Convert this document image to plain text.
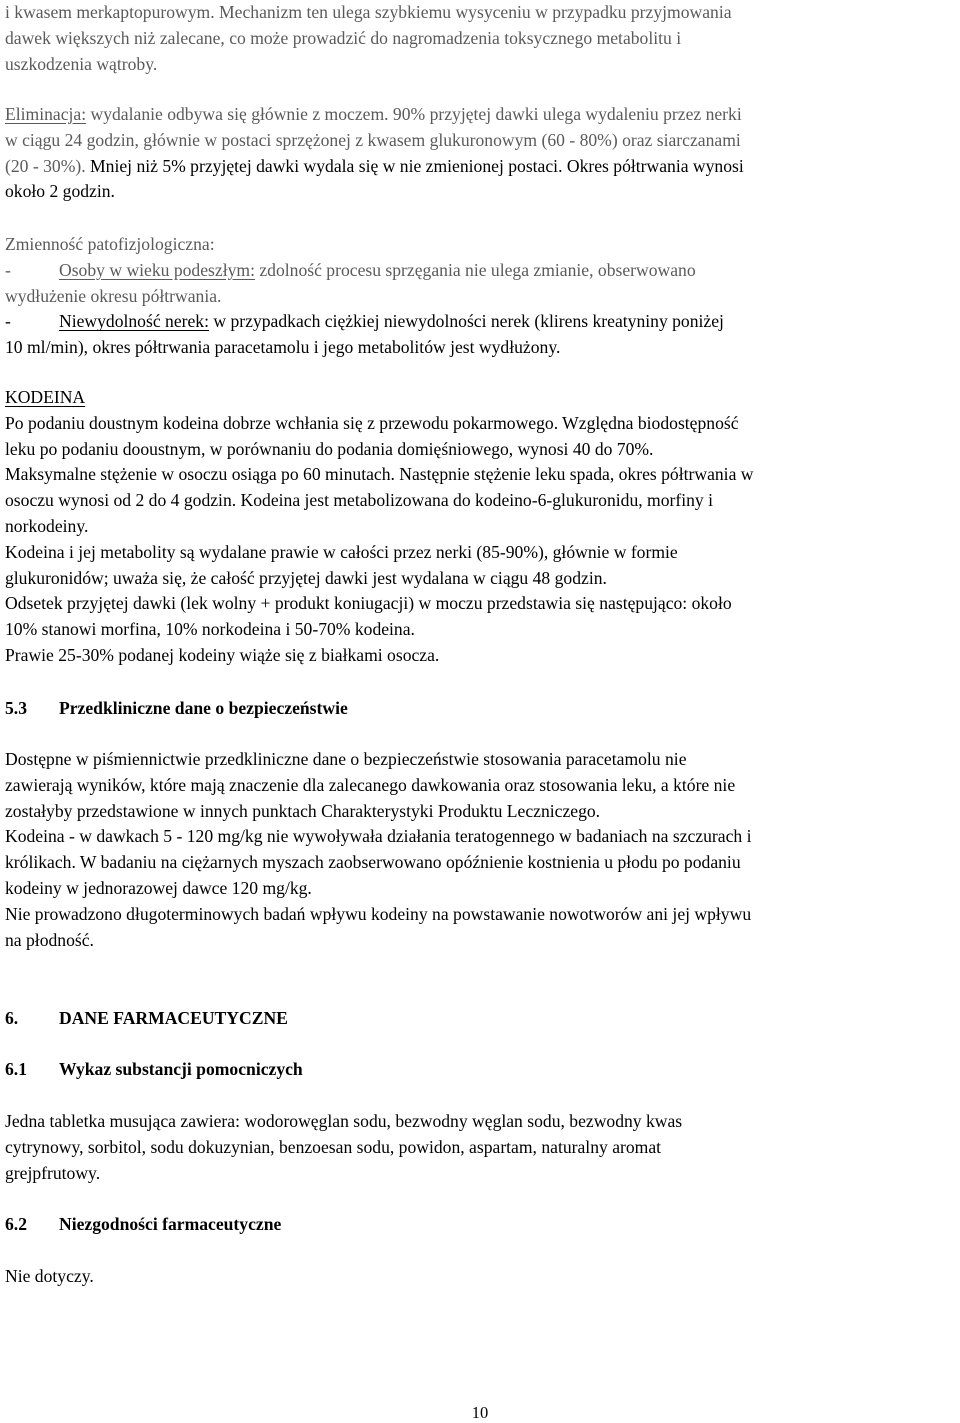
i kwasem merkaptopurowym. Mechanizm ten ulega szybkiemu wysyceniu w przypadku przyjmowania
dawek większych niż zalecane, co może prowadzić do nagromadzenia toksycznego metabolitu i
uszkodzenia wątroby.

Eliminacja: wydalanie odbywa się głównie z moczem. 90% przyjętej dawki ulega wydaleniu przez nerki
w ciągu 24 godzin, głównie w postaci sprzężonej z kwasem glukuronowym (60 - 80%) oraz siarczanami
(20 - 30%). Mniej niż 5% przyjętej dawki wydala się w nie zmienionej postaci. Okres półtrwania wynosi
około 2 godzin.

Zmienność patofizjologiczna:
-	Osoby w wieku podeszłym: zdolność procesu sprzęgania nie ulega zmianie, obserwowano
wydłużenie okresu półtrwania.
-	Niewydolność nerek: w przypadkach ciężkiej niewydolności nerek (klirens kreatyniny poniżej
10 ml/min), okres półtrwania paracetamolu i jego metabolitów jest wydłużony.

KODEINA
Po podaniu doustnym kodeina dobrze wchłania się z przewodu pokarmowego. Względna biodostępność
leku po podaniu dooustnym, w porównaniu do podania domięśniowego, wynosi 40 do 70%.
Maksymalne stężenie w osoczu osiąga po 60 minutach. Następnie stężenie leku spada, okres półtrwania w
osoczu wynosi od 2 do 4 godzin. Kodeina jest metabolizowana do kodeino-6-glukuronidu, morfiny i
norkodeiny.
Kodeina i jej metabolity są wydalane prawie w całości przez nerki (85-90%), głównie w formie
glukuronidów; uważa się, że całość przyjętej dawki jest wydalana w ciągu 48 godzin.
Odsetek przyjętej dawki (lek wolny + produkt koniugacji) w moczu przedstawia się następująco: około
10% stanowi morfina, 10% norkodeina i 50-70% kodeina.
Prawie 25-30% podanej kodeiny wiąże się z białkami osocza.

5.3	Przedkliniczne dane o bezpieczeństwie

Dostępne w piśmiennictwie przedkliniczne dane o bezpieczeństwie stosowania paracetamolu nie
zawierają wyników, które mają znaczenie dla zalecanego dawkowania oraz stosowania leku, a które nie
zostałyby przedstawione w innych punktach Charakterystyki Produktu Leczniczego.
Kodeina - w dawkach 5 - 120 mg/kg nie wywoływała działania teratogennego w badaniach na szczurach i
królikach. W badaniu na ciężarnych myszach zaobserwowano opóźnienie kostnienia u płodu po podaniu
kodeiny w jednorazowej dawce 120 mg/kg.
Nie prowadzono długoterminowych badań wpływu kodeiny na powstawanie nowotworów ani jej wpływu
na płodność.

6.	DANE FARMACEUTYCZNE
6.1	Wykaz substancji pomocniczych

Jedna tabletka musująca zawiera: wodorowęglan sodu, bezwodny węglan sodu, bezwodny kwas
cytrynowy, sorbitol, sodu dokuzynian, benzoesan sodu, powidon, aspartam, naturalny aromat
grejpfrutowy.

6.2	Niezgodności farmaceutyczne

Nie dotyczy.

10
